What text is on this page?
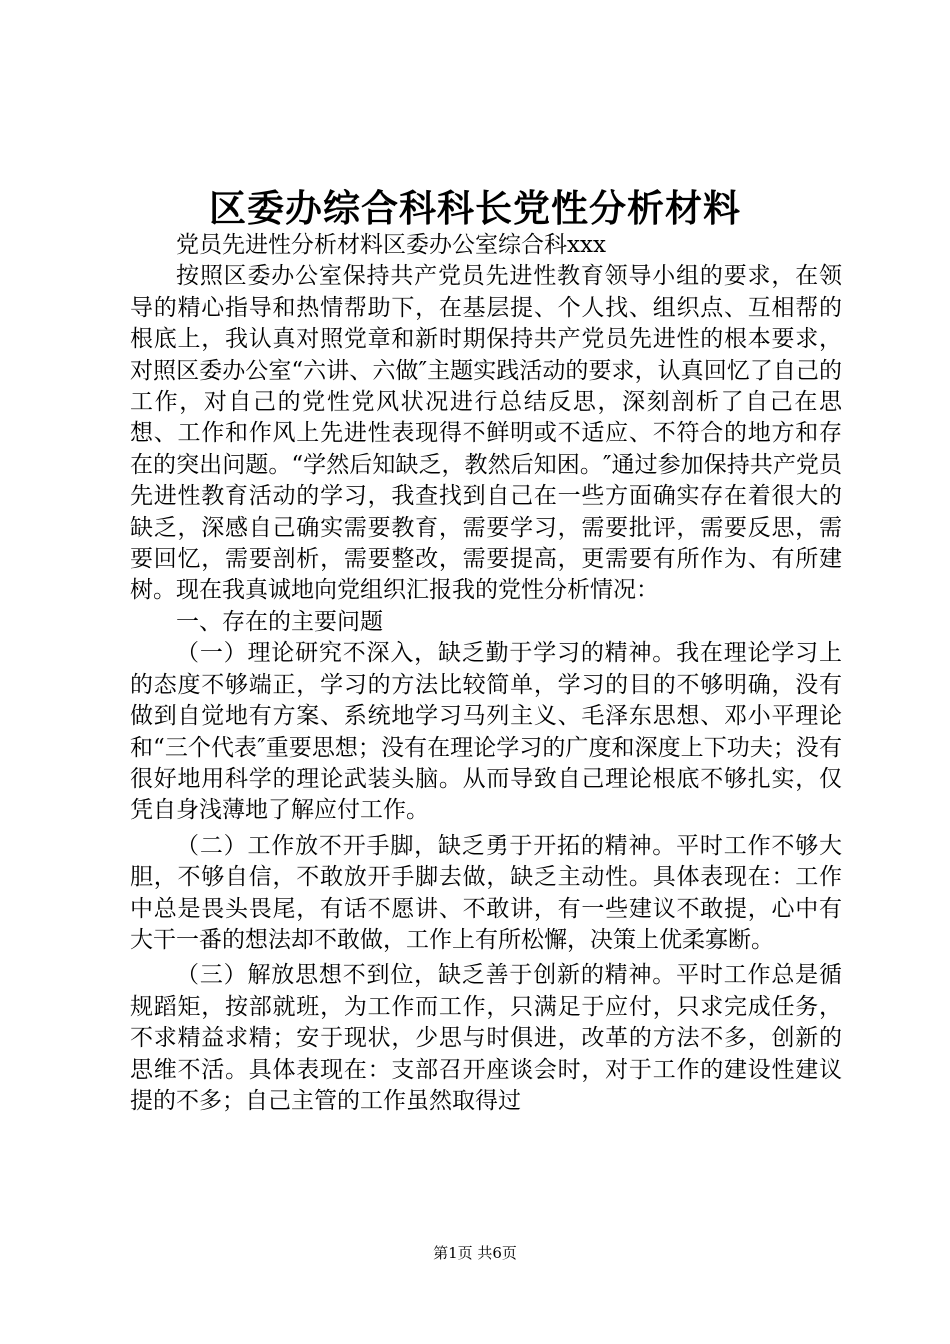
区委办综合科科长党性分析材料

党员先进性分析材料区委办公室综合科xxx

按照区委办公室保持共产党员先进性教育领导小组的要求，在领导的精心指导和热情帮助下，在基层提、个人找、组织点、互相帮的根底上，我认真对照党章和新时期保持共产党员先进性的根本要求，对照区委办公室“六讲、六做″主题实践活动的要求，认真回忆了自己的工作，对自己的党性党风状况进行总结反思，深刻剖析了自己在思想、工作和作风上先进性表现得不鲜明或不适应、不符合的地方和存在的突出问题。“学然后知缺乏，教然后知困。″通过参加保持共产党员先进性教育活动的学习，我查找到自己在一些方面确实存在着很大的缺乏，深感自己确实需要教育，需要学习，需要批评，需要反思，需要回忆，需要剖析，需要整改，需要提高，更需要有所作为、有所建树。现在我真诚地向党组织汇报我的党性分析情况：

一、存在的主要问题

（一）理论研究不深入，缺乏勤于学习的精神。我在理论学习上的态度不够端正，学习的方法比较简单，学习的目的不够明确，没有做到自觉地有方案、系统地学习马列主义、毛泽东思想、邓小平理论和“三个代表″重要思想；没有在理论学习的广度和深度上下功夫；没有很好地用科学的理论武装头脑。从而导致自己理论根底不够扎实，仅凭自身浅薄地了解应付工作。

（二）工作放不开手脚，缺乏勇于开拓的精神。平时工作不够大胆，不够自信，不敢放开手脚去做，缺乏主动性。具体表现在：工作中总是畏头畏尾，有话不愿讲、不敢讲，有一些建议不敢提，心中有大干一番的想法却不敢做，工作上有所松懈，决策上优柔寡断。

（三）解放思想不到位，缺乏善于创新的精神。平时工作总是循规蹈矩，按部就班，为工作而工作，只满足于应付，只求完成任务，不求精益求精；安于现状，少思与时俱进，改革的方法不多，创新的思维不活。具体表现在：支部召开座谈会时，对于工作的建设性建议提的不多；自己主管的工作虽然取得过

第1页 共6页
